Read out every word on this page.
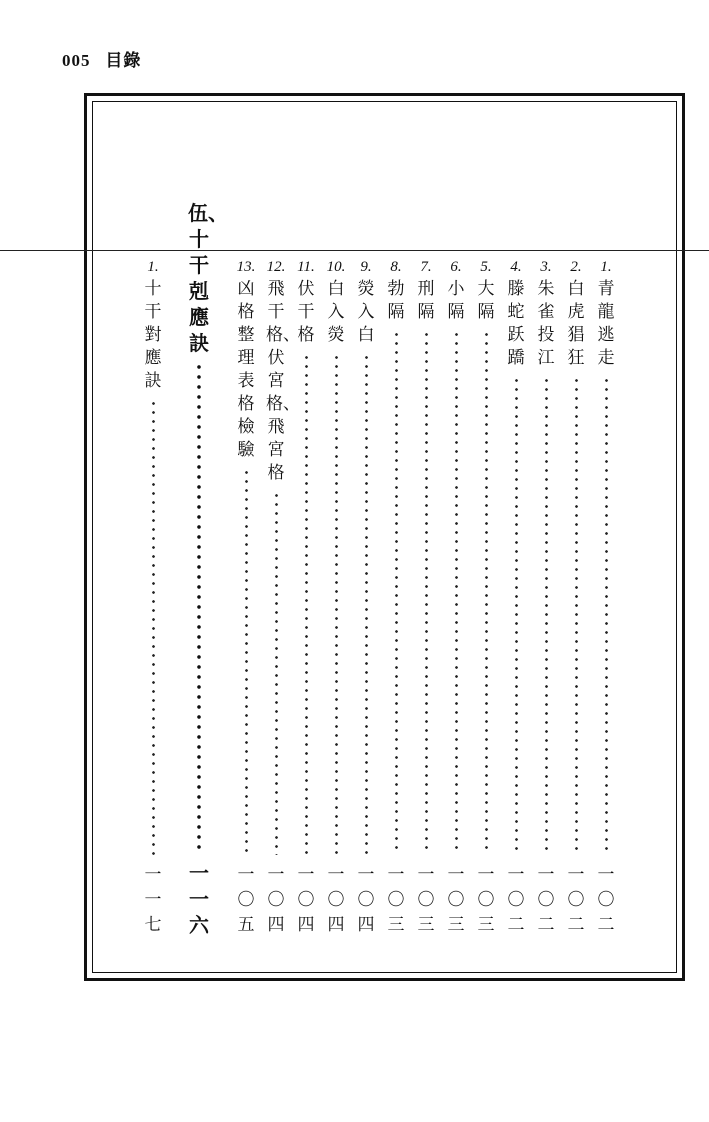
005 目錄
1.
青龍逃走
一〇二
2.
白虎猖狂
一〇二
3.
朱雀投江
一〇二
4.
滕蛇跃蹻
一〇二
5.
大隔
一〇三
6.
小隔
一〇三
7.
刑隔
一〇三
8.
勃隔
一〇三
9.
熒入白
一〇四
10.
白入熒
一〇四
11.
伏干格
一〇四
12.
飛干格、伏宮格、飛宮格
一〇四
13.
凶格整理表格檢驗
一〇五
伍、十干剋應訣
一一六
1.
十干對應訣
一一七
